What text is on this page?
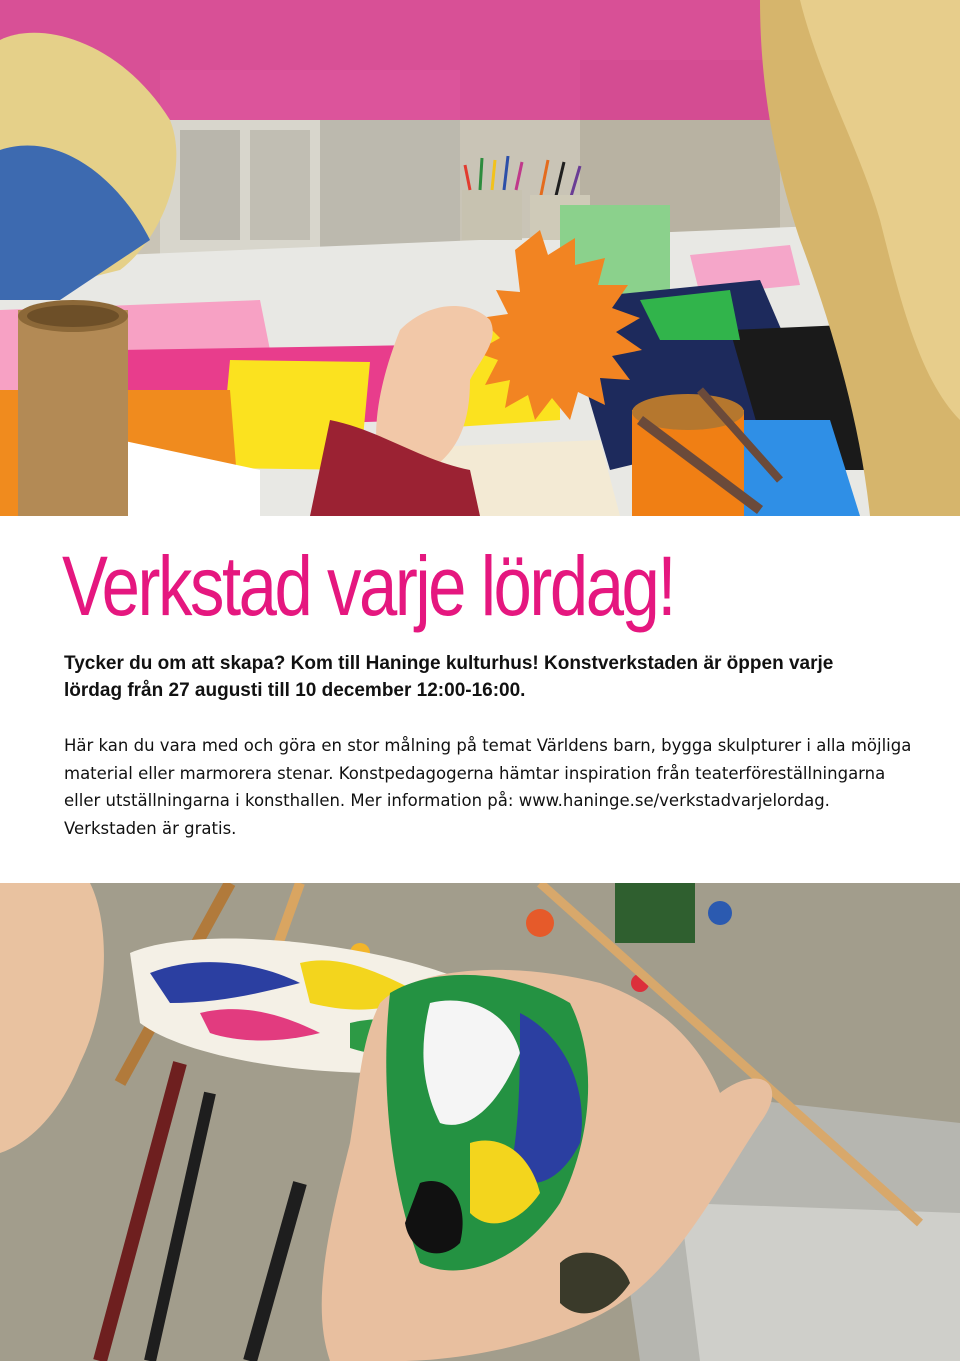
Verkstad varje lördag!

Tycker du om att skapa? Kom till Haninge kulturhus! Konstverkstaden är öppen varje lördag från 27 augusti till 10 december 12:00-16:00.

Här kan du vara med och göra en stor målning på temat Världens barn, bygga skulpturer i alla möjliga material eller marmorera stenar. Konstpedagogerna hämtar inspiration från teaterföreställningarna eller utställningarna i konsthallen. Mer information på: www.haninge.se/verkstadvarjelordag. Verkstaden är gratis.
